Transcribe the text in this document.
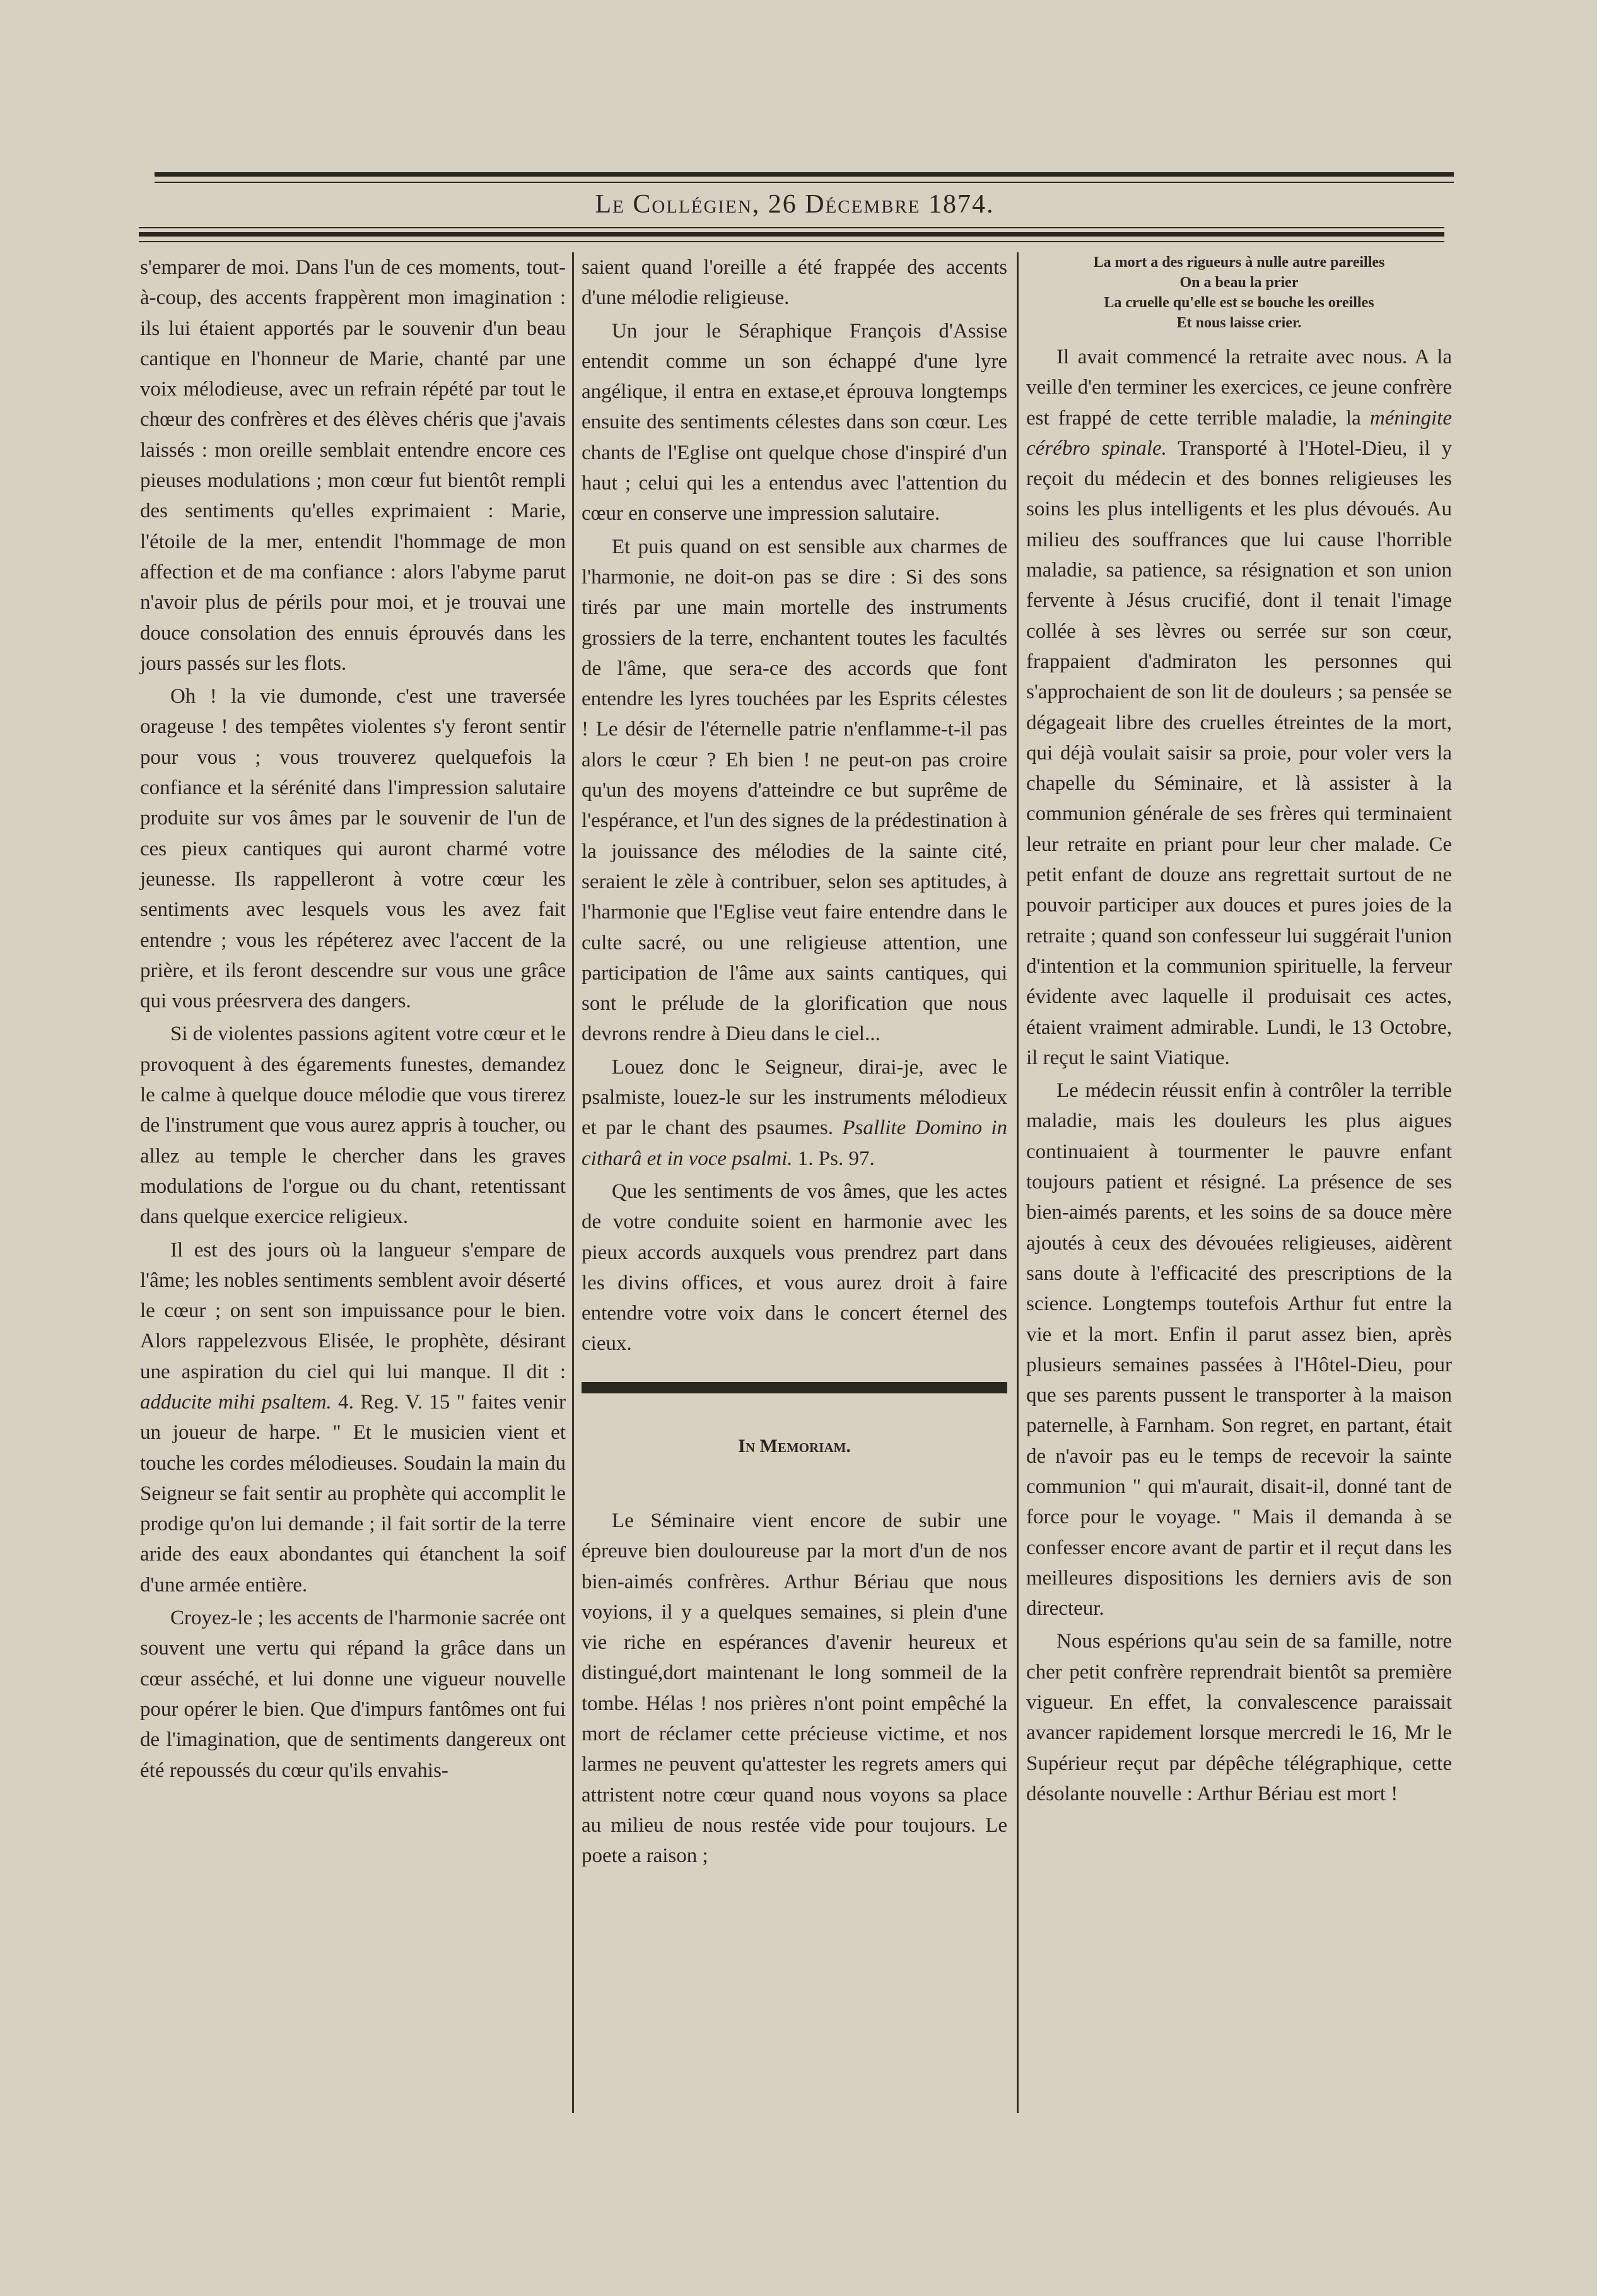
Le Collégien, 26 Décembre 1874.

s'emparer de moi. Dans l'un de ces moments, tout-à-coup, des accents frappèrent mon imagination : ils lui étaient apportés par le souvenir d'un beau cantique en l'honneur de Marie, chanté par une voix mélodieuse, avec un refrain répété par tout le chœur des confrères et des élèves chéris que j'avais laissés : mon oreille semblait entendre encore ces pieuses modulations ; mon cœur fut bientôt rempli des sentiments qu'elles exprimaient : Marie, l'étoile de la mer, entendit l'hommage de mon affection et de ma confiance : alors l'abyme parut n'avoir plus de périls pour moi, et je trouvai une douce consolation des ennuis éprouvés dans les jours passés sur les flots.

Oh ! la vie dumonde, c'est une traversée orageuse ! des tempêtes violentes s'y feront sentir pour vous ; vous trouverez quelquefois la confiance et la sérénité dans l'impression salutaire produite sur vos âmes par le souvenir de l'un de ces pieux cantiques qui auront charmé votre jeunesse. Ils rappelleront à votre cœur les sentiments avec lesquels vous les avez fait entendre ; vous les répéterez avec l'accent de la prière, et ils feront descendre sur vous une grâce qui vous préesrvera des dangers.

Si de violentes passions agitent votre cœur et le provoquent à des égarements funestes, demandez le calme à quelque douce mélodie que vous tirerez de l'instrument que vous aurez appris à toucher, ou allez au temple le chercher dans les graves modulations de l'orgue ou du chant, retentissant dans quelque exercice religieux.

Il est des jours où la langueur s'empare de l'âme; les nobles sentiments semblent avoir déserté le cœur ; on sent son impuissance pour le bien. Alors rappelezvous Elisée, le prophète, désirant une aspiration du ciel qui lui manque. Il dit : adducite mihi psaltem. 4. Reg. V. 15 " faites venir un joueur de harpe. " Et le musicien vient et touche les cordes mélodieuses. Soudain la main du Seigneur se fait sentir au prophète qui accomplit le prodige qu'on lui demande ; il fait sortir de la terre aride des eaux abondantes qui étanchent la soif d'une armée entière.

Croyez-le ; les accents de l'harmonie sacrée ont souvent une vertu qui répand la grâce dans un cœur asséché, et lui donne une vigueur nouvelle pour opérer le bien. Que d'impurs fantômes ont fui de l'imagination, que de sentiments dangereux ont été repoussés du cœur qu'ils envahis-

saient quand l'oreille a été frappée des accents d'une mélodie religieuse.

Un jour le Séraphique François d'Assise entendit comme un son échappé d'une lyre angélique, il entra en extase,et éprouva longtemps ensuite des sentiments célestes dans son cœur. Les chants de l'Eglise ont quelque chose d'inspiré d'un haut ; celui qui les a entendus avec l'attention du cœur en conserve une impression salutaire.

Et puis quand on est sensible aux charmes de l'harmonie, ne doit-on pas se dire : Si des sons tirés par une main mortelle des instruments grossiers de la terre, enchantent toutes les facultés de l'âme, que sera-ce des accords que font entendre les lyres touchées par les Esprits célestes ! Le désir de l'éternelle patrie n'enflamme-t-il pas alors le cœur ? Eh bien ! ne peut-on pas croire qu'un des moyens d'atteindre ce but suprême de l'espérance, et l'un des signes de la prédestination à la jouissance des mélodies de la sainte cité, seraient le zèle à contribuer, selon ses aptitudes, à l'harmonie que l'Eglise veut faire entendre dans le culte sacré, ou une religieuse attention, une participation de l'âme aux saints cantiques, qui sont le prélude de la glorification que nous devrons rendre à Dieu dans le ciel...

Louez donc le Seigneur, dirai-je, avec le psalmiste, louez-le sur les instruments mélodieux et par le chant des psaumes. Psallite Domino in citharâ et in voce psalmi. 1. Ps. 97.

Que les sentiments de vos âmes, que les actes de votre conduite soient en harmonie avec les pieux accords auxquels vous prendrez part dans les divins offices, et vous aurez droit à faire entendre votre voix dans le concert éternel des cieux.

In Memoriam.

Le Séminaire vient encore de subir une épreuve bien douloureuse par la mort d'un de nos bien-aimés confrères. Arthur Bériau que nous voyions, il y a quelques semaines, si plein d'une vie riche en espérances d'avenir heureux et distingué,dort maintenant le long sommeil de la tombe. Hélas ! nos prières n'ont point empêché la mort de réclamer cette précieuse victime, et nos larmes ne peuvent qu'attester les regrets amers qui attristent notre cœur quand nous voyons sa place au milieu de nous restée vide pour toujours. Le poete a raison ;

La mort a des rigueurs à nulle autre pareilles
On a beau la prier
La cruelle qu'elle est se bouche les oreilles
Et nous laisse crier.

Il avait commencé la retraite avec nous. A la veille d'en terminer les exercices, ce jeune confrère est frappé de cette terrible maladie, la méningite cérébro spinale. Transporté à l'Hotel-Dieu, il y reçoit du médecin et des bonnes religieuses les soins les plus intelligents et les plus dévoués. Au milieu des souffrances que lui cause l'horrible maladie, sa patience, sa résignation et son union fervente à Jésus crucifié, dont il tenait l'image collée à ses lèvres ou serrée sur son cœur, frappaient d'admiraton les personnes qui s'approchaient de son lit de douleurs ; sa pensée se dégageait libre des cruelles étreintes de la mort, qui déjà voulait saisir sa proie, pour voler vers la chapelle du Séminaire, et là assister à la communion générale de ses frères qui terminaient leur retraite en priant pour leur cher malade. Ce petit enfant de douze ans regrettait surtout de ne pouvoir participer aux douces et pures joies de la retraite ; quand son confesseur lui suggérait l'union d'intention et la communion spirituelle, la ferveur évidente avec laquelle il produisait ces actes, étaient vraiment admirable. Lundi, le 13 Octobre, il reçut le saint Viatique.

Le médecin réussit enfin à contrôler la terrible maladie, mais les douleurs les plus aigues continuaient à tourmenter le pauvre enfant toujours patient et résigné. La présence de ses bien-aimés parents, et les soins de sa douce mère ajoutés à ceux des dévouées religieuses, aidèrent sans doute à l'efficacité des prescriptions de la science. Longtemps toutefois Arthur fut entre la vie et la mort. Enfin il parut assez bien, après plusieurs semaines passées à l'Hôtel-Dieu, pour que ses parents pussent le transporter à la maison paternelle, à Farnham. Son regret, en partant, était de n'avoir pas eu le temps de recevoir la sainte communion " qui m'aurait, disait-il, donné tant de force pour le voyage. " Mais il demanda à se confesser encore avant de partir et il reçut dans les meilleures dispositions les derniers avis de son directeur.

Nous espérions qu'au sein de sa famille, notre cher petit confrère reprendrait bientôt sa première vigueur. En effet, la convalescence paraissait avancer rapidement lorsque mercredi le 16, Mr le Supérieur reçut par dépêche télégraphique, cette désolante nouvelle : Arthur Bériau est mort !
